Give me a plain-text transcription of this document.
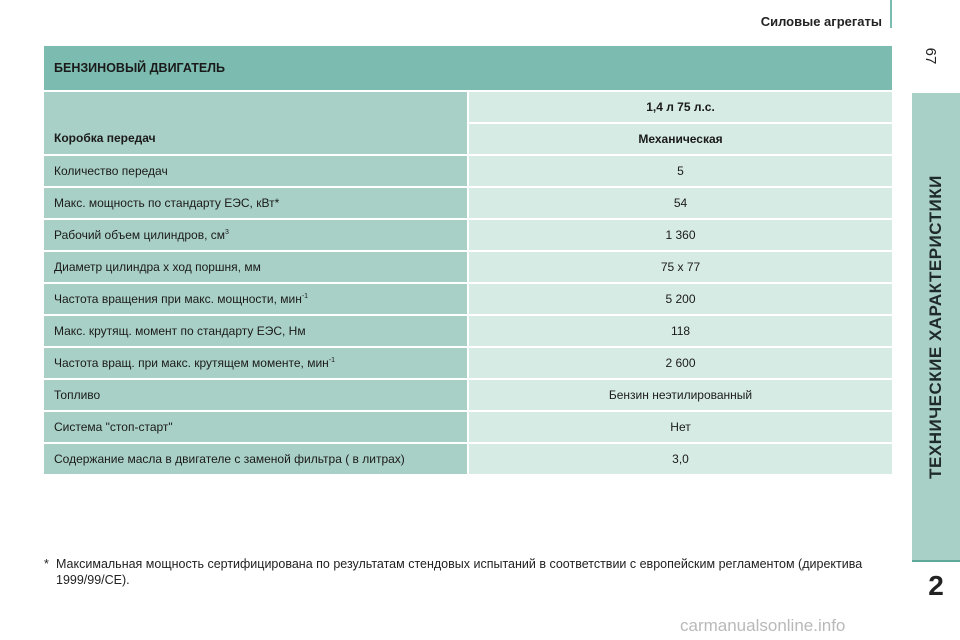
Силовые агрегаты
67
ТЕХНИЧЕСКИЕ ХАРАКТЕРИСТИКИ
2
БЕНЗИНОВЫЙ ДВИГАТЕЛЬ	
Коробка передач	1,4 л 75 л.с.
	Механическая
Количество передач	5
Макс. мощность по стандарту ЕЭС, кВт*	54
Рабочий объем цилиндров, $см^3$	1 360
Диаметр цилиндра х ход поршня, мм	75 x 77
Частота вращения при макс. мощности, мин$^{-1}$	5 200
Макс. крутящ. момент по стандарту ЕЭС, Нм	118
Частота вращ. при макс. крутящем моменте, мин$^{-1}$	2 600
Топливо	Бензин неэтилированный
Система "стоп-старт"	Нет
Содержание масла в двигателе с заменой фильтра ( в литрах)	3,0
* Максимальная мощность сертифицирована по результатам стендовых испытаний в соответствии с европейским регламентом (директива 1999/99/CE).
carmanualsonline.info
